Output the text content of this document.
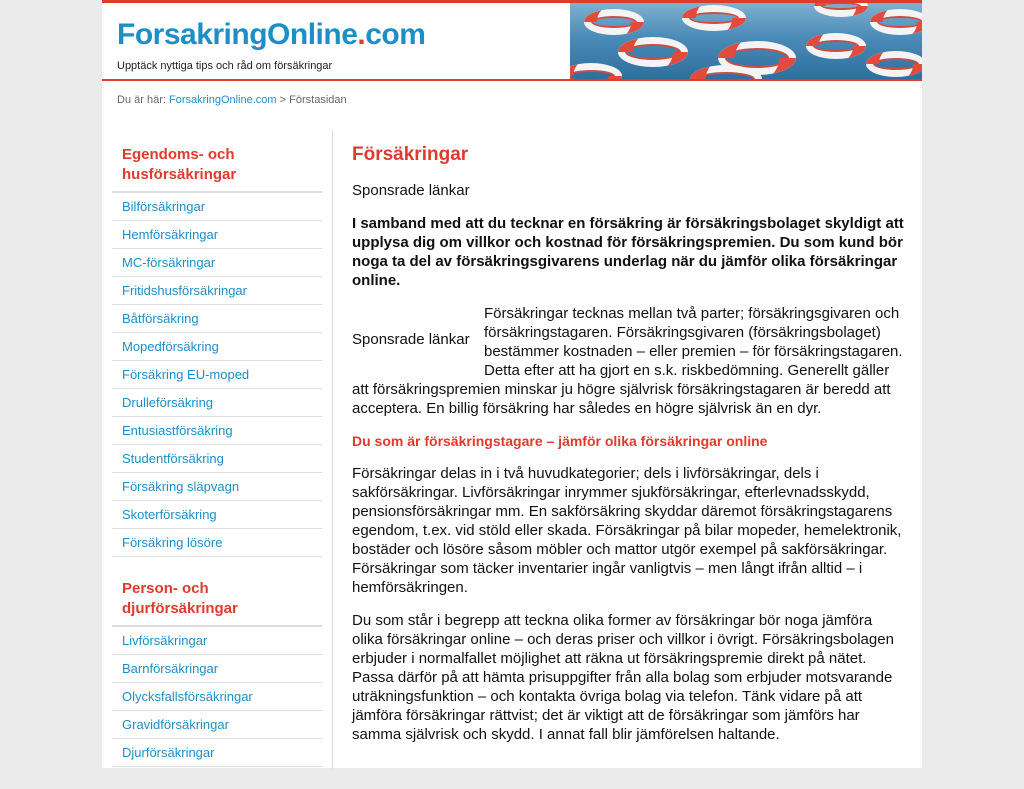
ForsakringOnline.com
Upptäck nyttiga tips och råd om försäkringar
Du är här: ForsakringOnline.com > Förstasidan
Egendoms- och husförsäkringar
Bilförsäkringar
Hemförsäkringar
MC-försäkringar
Fritidshusförsäkringar
Båtförsäkring
Mopedförsäkring
Försäkring EU-moped
Drulleförsäkring
Entusiastförsäkring
Studentförsäkring
Försäkring släpvagn
Skoterförsäkring
Försäkring lösöre
Person- och djurförsäkringar
Livförsäkringar
Barnförsäkringar
Olycksfallsförsäkringar
Gravidförsäkringar
Djurförsäkringar
Försäkringar
Sponsrade länkar

I samband med att du tecknar en försäkring är försäkringsbolaget skyldigt att upplysa dig om villkor och kostnad för försäkringspremien. Du som kund bör noga ta del av försäkringsgivarens underlag när du jämför olika försäkringar online.

Sponsrade länkar

Försäkringar tecknas mellan två parter; försäkringsgivaren och försäkringstagaren. Försäkringsgivaren (försäkringsbolaget) bestämmer kostnaden – eller premien – för försäkringstagaren. Detta efter att ha gjort en s.k. riskbedömning. Generellt gäller att försäkringspremien minskar ju högre självrisk försäkringstagaren är beredd att acceptera. En billig försäkring har således en högre självrisk än en dyr.

Du som är försäkringstagare – jämför olika försäkringar online

Försäkringar delas in i två huvudkategorier; dels i livförsäkringar, dels i sakförsäkringar. Livförsäkringar inrymmer sjukförsäkringar, efterlevnadsskydd, pensionsförsäkringar mm. En sakförsäkring skyddar däremot försäkringstagarens egendom, t.ex. vid stöld eller skada. Försäkringar på bilar mopeder, hemelektronik, bostäder och lösöre såsom möbler och mattor utgör exempel på sakförsäkringar. Försäkringar som täcker inventarier ingår vanligtvis – men långt ifrån alltid – i hemförsäkringen.

Du som står i begrepp att teckna olika former av försäkringar bör noga jämföra olika försäkringar online – och deras priser och villkor i övrigt. Försäkringsbolagen erbjuder i normalfallet möjlighet att räkna ut försäkringspremie direkt på nätet. Passa därför på att hämta prisuppgifter från alla bolag som erbjuder motsvarande uträkningsfunktion – och kontakta övriga bolag via telefon. Tänk vidare på att jämföra försäkringar rättvist; det är viktigt att de försäkringar som jämförs har samma självrisk och skydd. I annat fall blir jämförelsen haltande.
